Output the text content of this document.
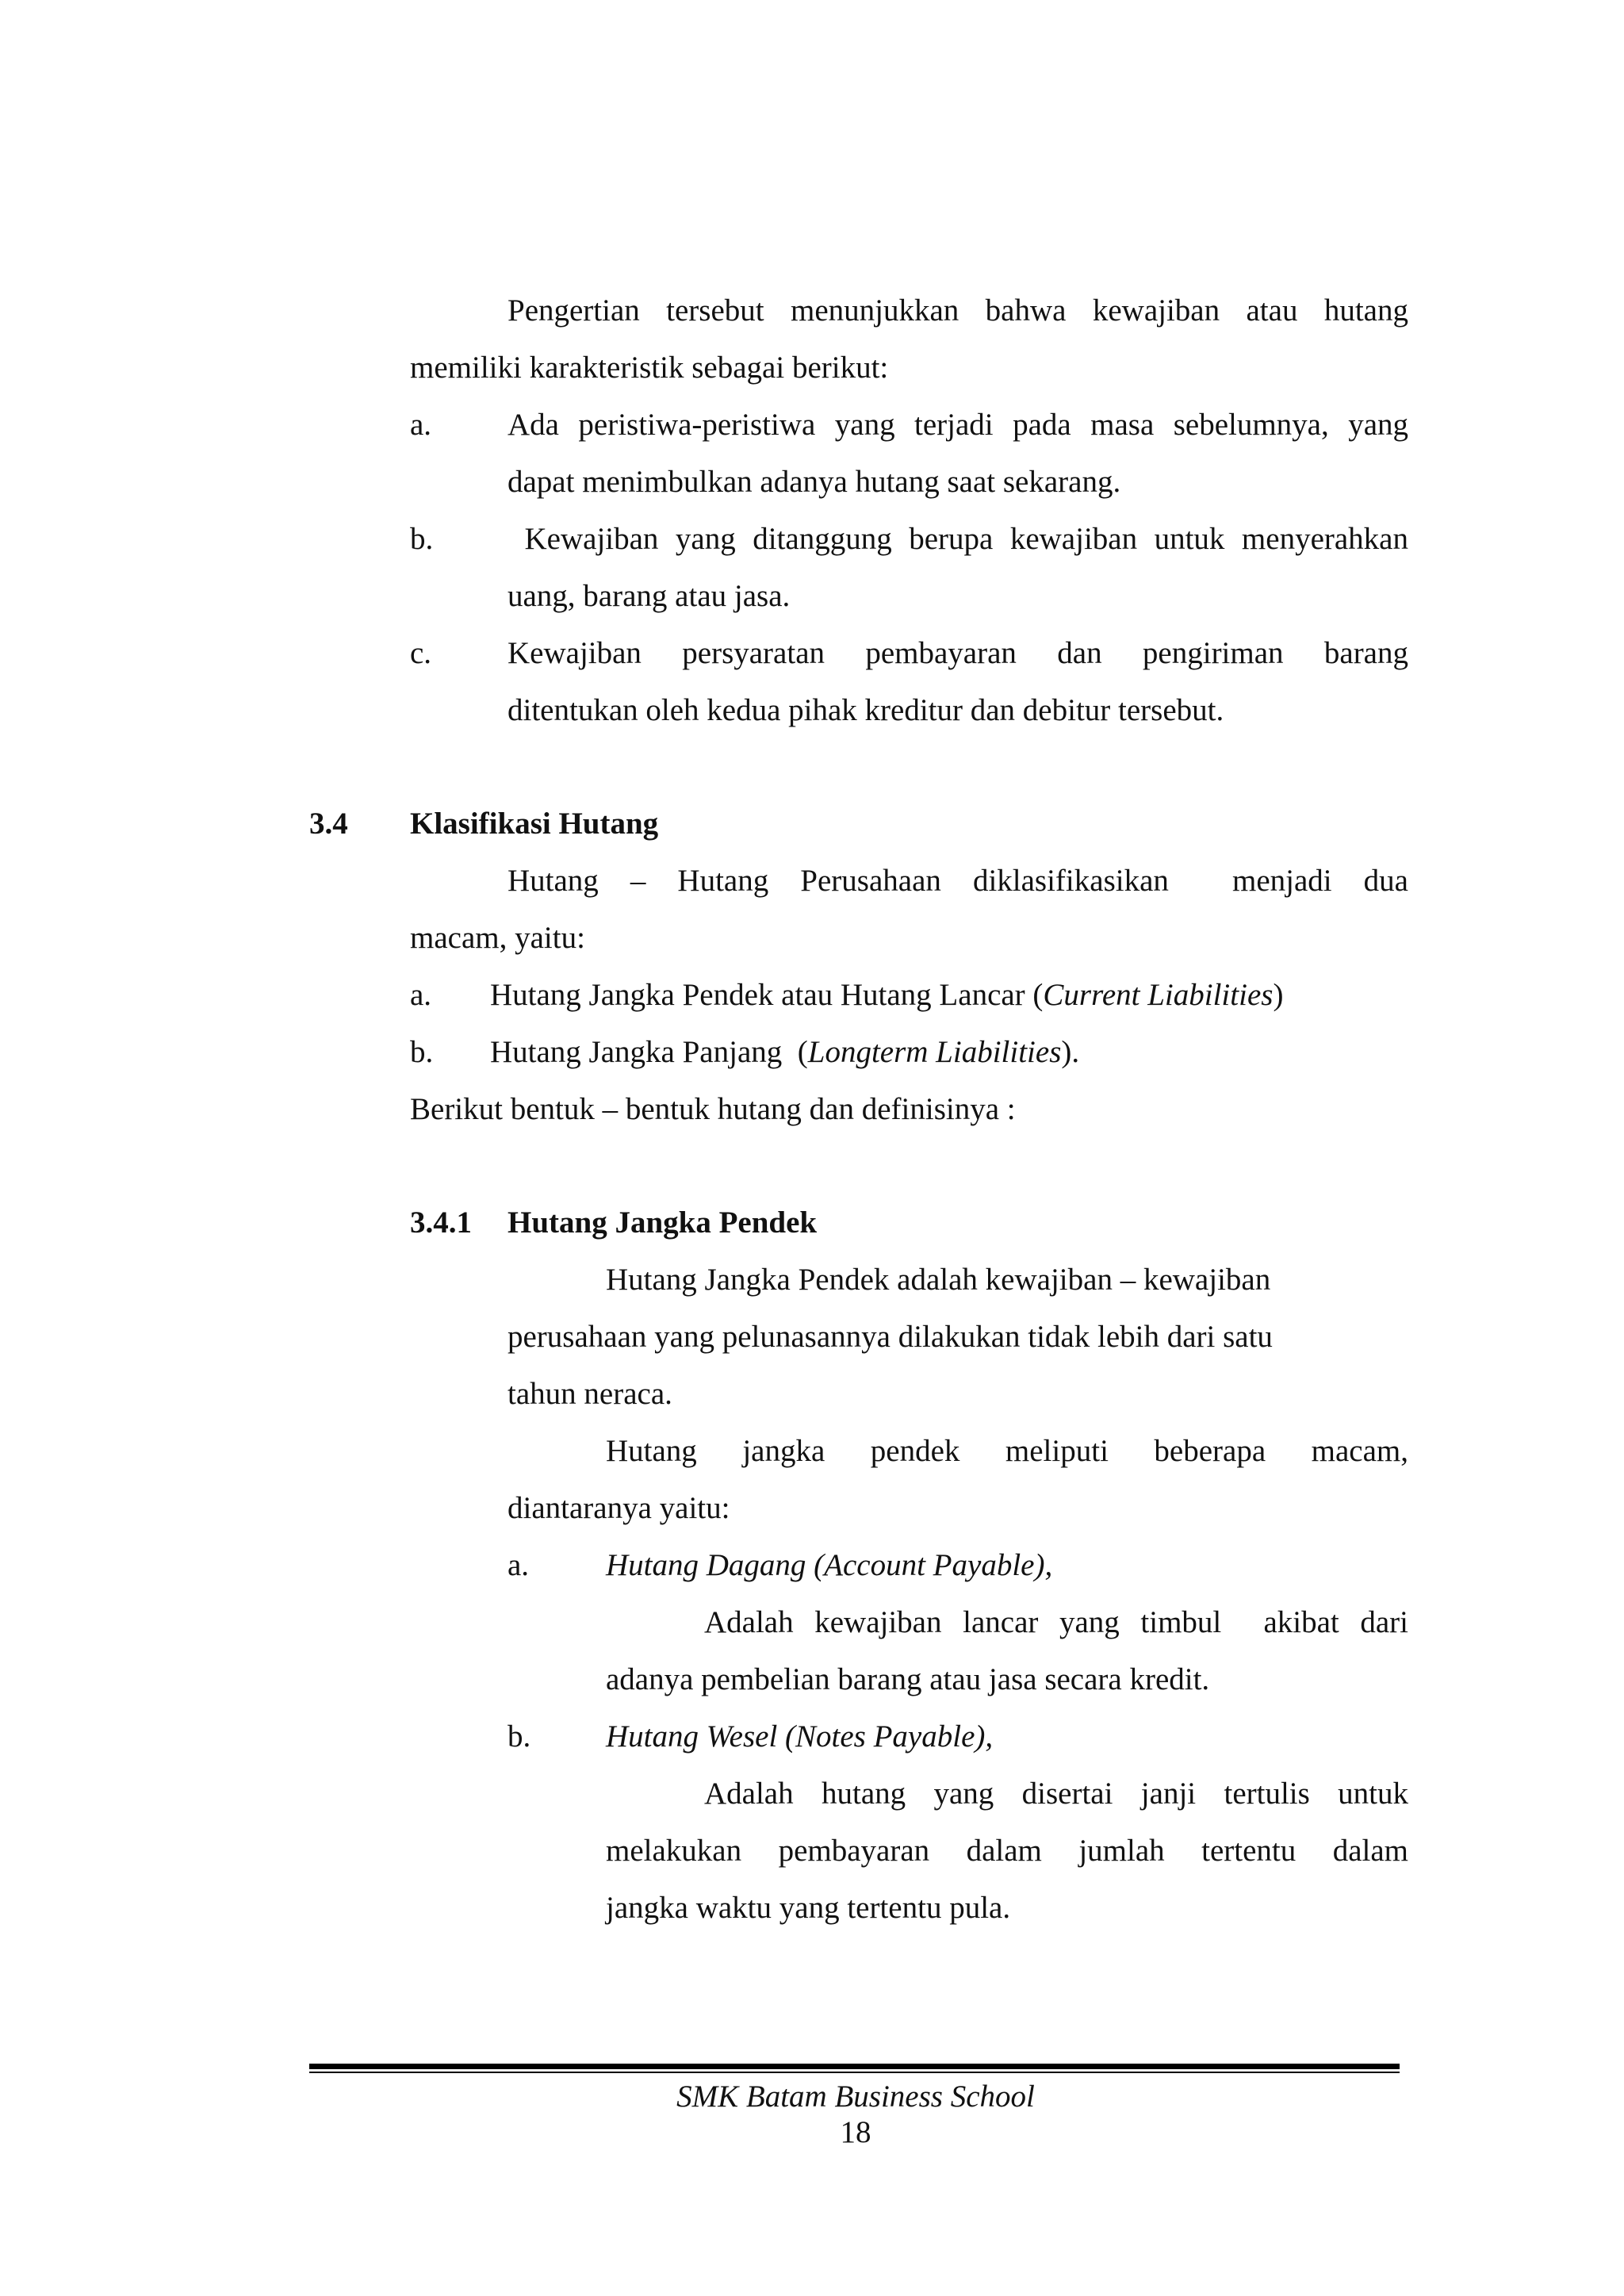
Pengertian tersebut menunjukkan bahwa kewajiban atau hutang
memiliki karakteristik sebagai berikut:
a. Ada peristiwa-peristiwa yang terjadi pada masa sebelumnya, yang
dapat menimbulkan adanya hutang saat sekarang.
b. Kewajiban yang ditanggung berupa kewajiban untuk menyerahkan
uang, barang atau jasa.
c. Kewajiban persyaratan pembayaran dan pengiriman barang
ditentukan oleh kedua pihak kreditur dan debitur tersebut.
3.4 Klasifikasi Hutang
Hutang – Hutang Perusahaan diklasifikasikan  menjadi dua
macam, yaitu:
a. Hutang Jangka Pendek atau Hutang Lancar (Current Liabilities)
b. Hutang Jangka Panjang  (Longterm Liabilities).
Berikut bentuk – bentuk hutang dan definisinya :
3.4.1 Hutang Jangka Pendek
Hutang Jangka Pendek adalah kewajiban – kewajiban
perusahaan yang pelunasannya dilakukan tidak lebih dari satu
tahun neraca.
Hutang jangka pendek meliputi beberapa macam,
diantaranya yaitu:
a. Hutang Dagang (Account Payable),
Adalah kewajiban lancar yang timbul  akibat dari
adanya pembelian barang atau jasa secara kredit.
b. Hutang Wesel (Notes Payable),
Adalah hutang yang disertai janji tertulis untuk
melakukan pembayaran dalam jumlah tertentu dalam
jangka waktu yang tertentu pula.
SMK Batam Business School
18
